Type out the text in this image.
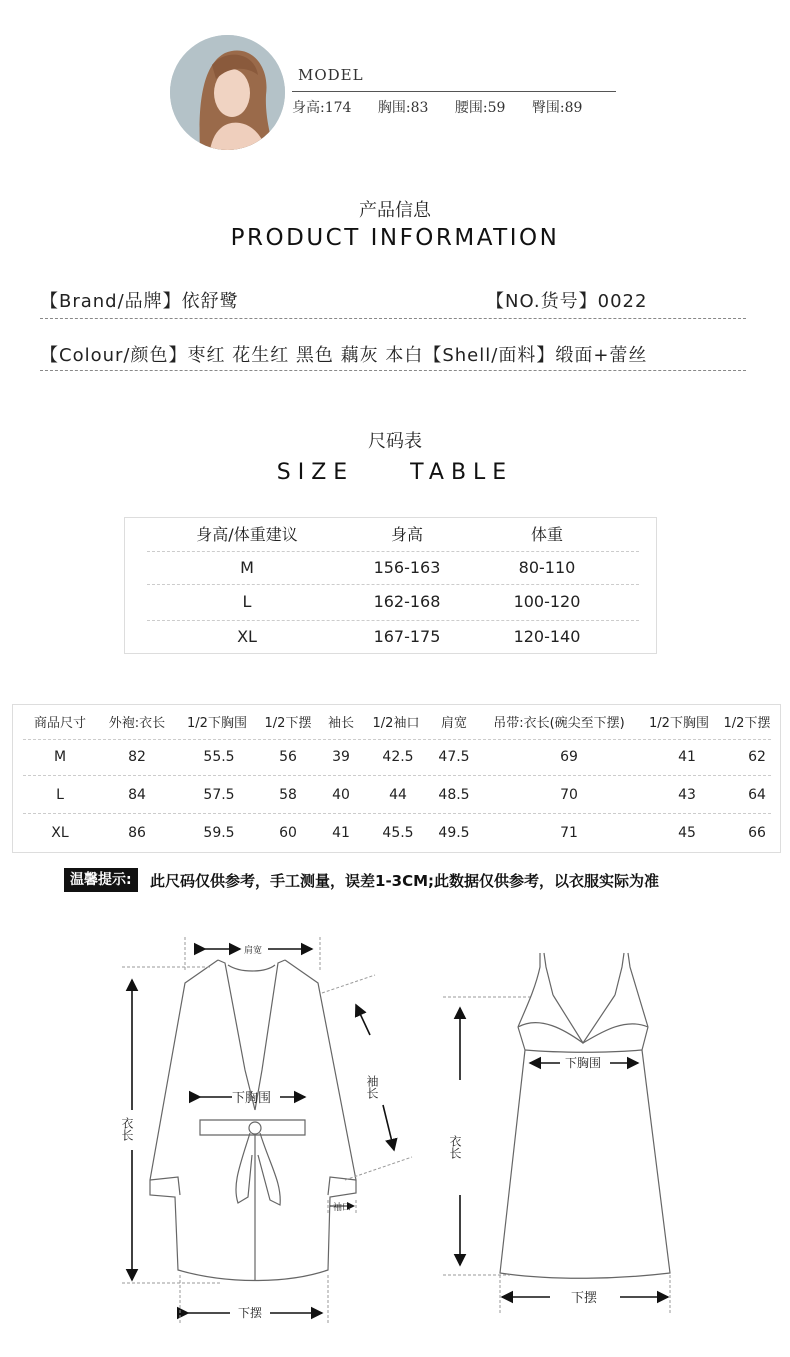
MODEL
身高:174 胸围:83 腰围:59 臀围:89
产品信息
PRODUCT INFORMATION
【Brand/品牌】依舒鹭	【NO.货号】0022
【Colour/颜色】枣红 花生红 黑色 藕灰 本白【Shell/面料】缎面+蕾丝
尺码表
SIZE  TABLE
身高/体重建议	身高	体重
M	156-163	80-110
L	162-168	100-120
XL	167-175	120-140
商品尺寸	外袍:衣长	1/2下胸围	1/2下摆	袖长	1/2袖口	肩宽	吊带:衣长(碗尖至下摆)	1/2下胸围	1/2下摆
M	82	55.5	56	39	42.5	47.5	69	41	62
L	84	57.5	58	40	44	48.5	70	43	64
XL	86	59.5	60	41	45.5	49.5	71	45	66
温馨提示:	此尺码仅供参考，手工测量，误差1-3CM;此数据仅供参考，以衣服实际为准
肩宽
下胸围
衣长
袖长
袖口
下摆
下胸围
衣长
下摆
